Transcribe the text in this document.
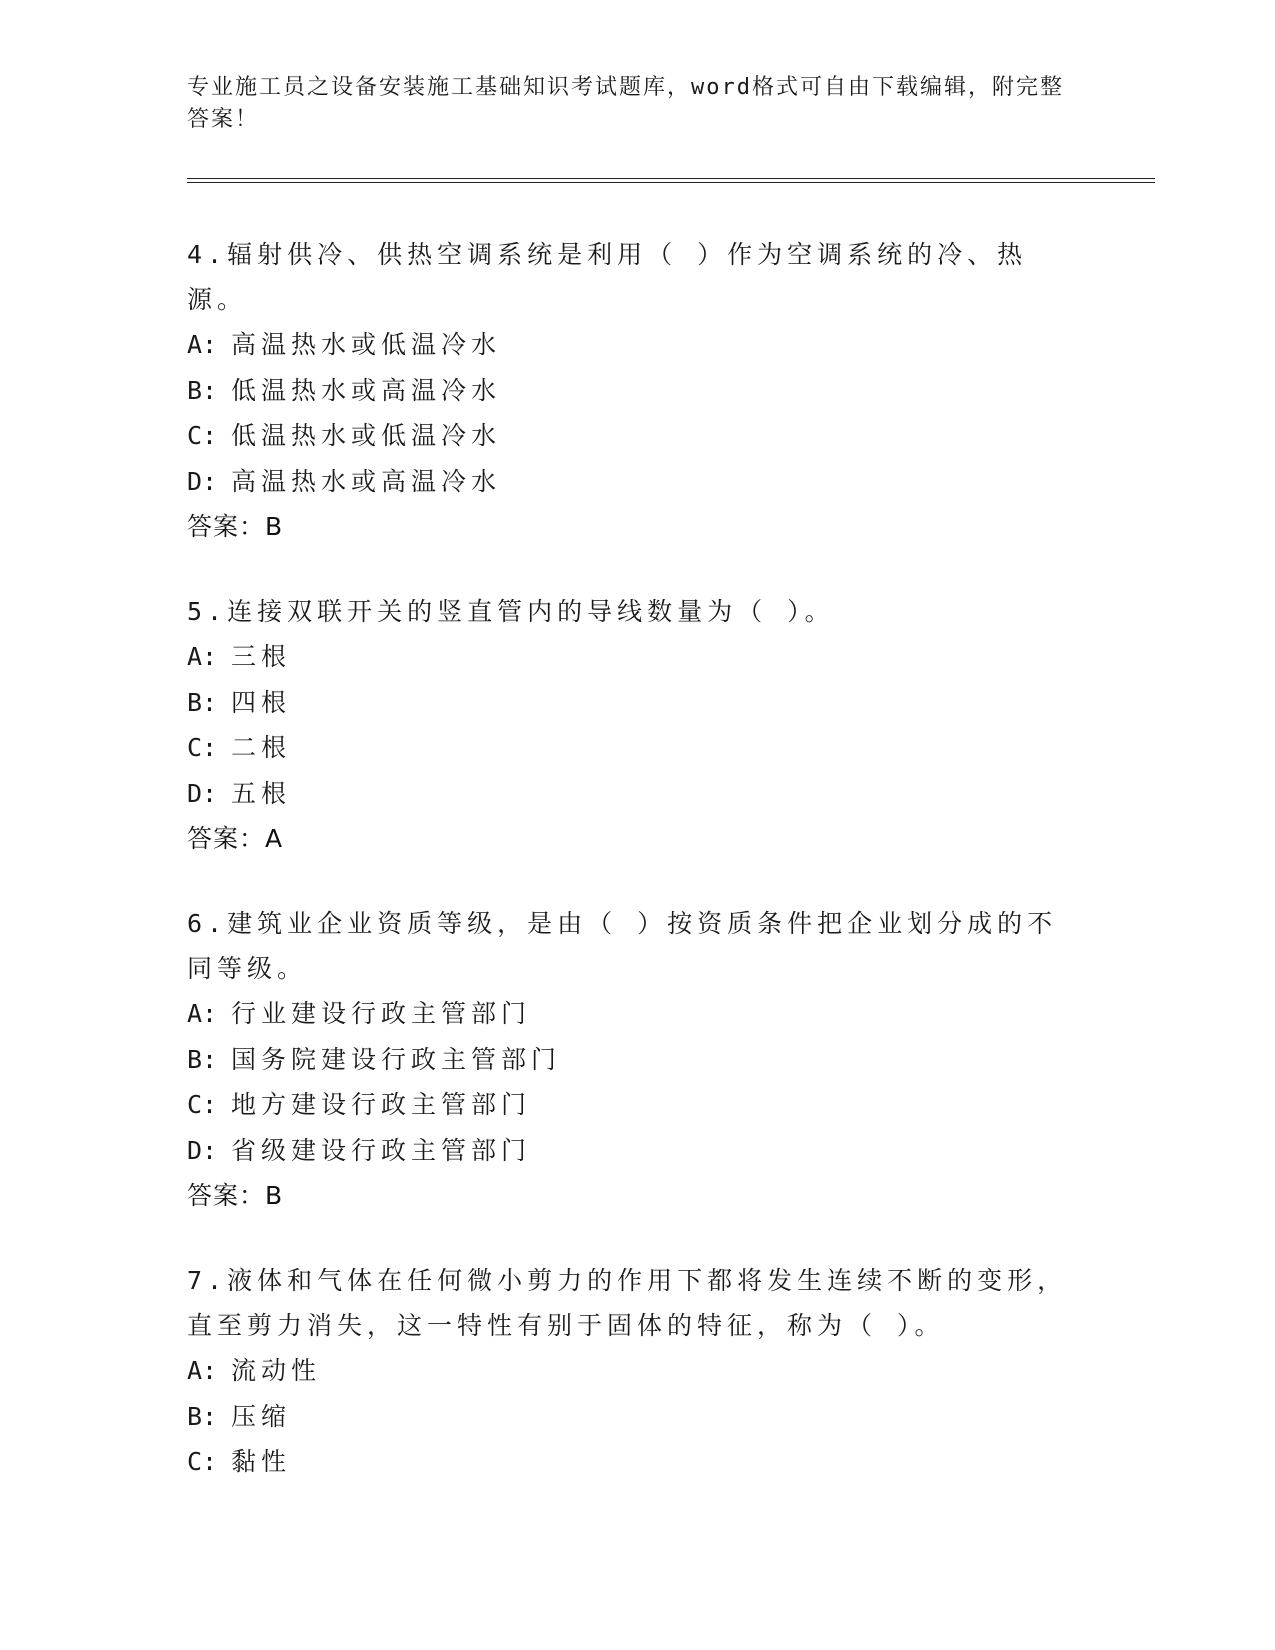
专业施工员之设备安装施工基础知识考试题库，word格式可自由下载编辑，附完整答案！

4.辐射供冷、供热空调系统是利用（ ）作为空调系统的冷、热源。

A: 高温热水或低温冷水
B: 低温热水或高温冷水
C: 低温热水或低温冷水
D: 高温热水或高温冷水
答案：B

5.连接双联开关的竖直管内的导线数量为（ ）。

A: 三根
B: 四根
C: 二根
D: 五根
答案：A

6.建筑业企业资质等级，是由（ ）按资质条件把企业划分成的不同等级。

A: 行业建设行政主管部门
B: 国务院建设行政主管部门
C: 地方建设行政主管部门
D: 省级建设行政主管部门
答案：B

7.液体和气体在任何微小剪力的作用下都将发生连续不断的变形，直至剪力消失，这一特性有别于固体的特征，称为（ ）。

A: 流动性
B: 压缩
C: 黏性
